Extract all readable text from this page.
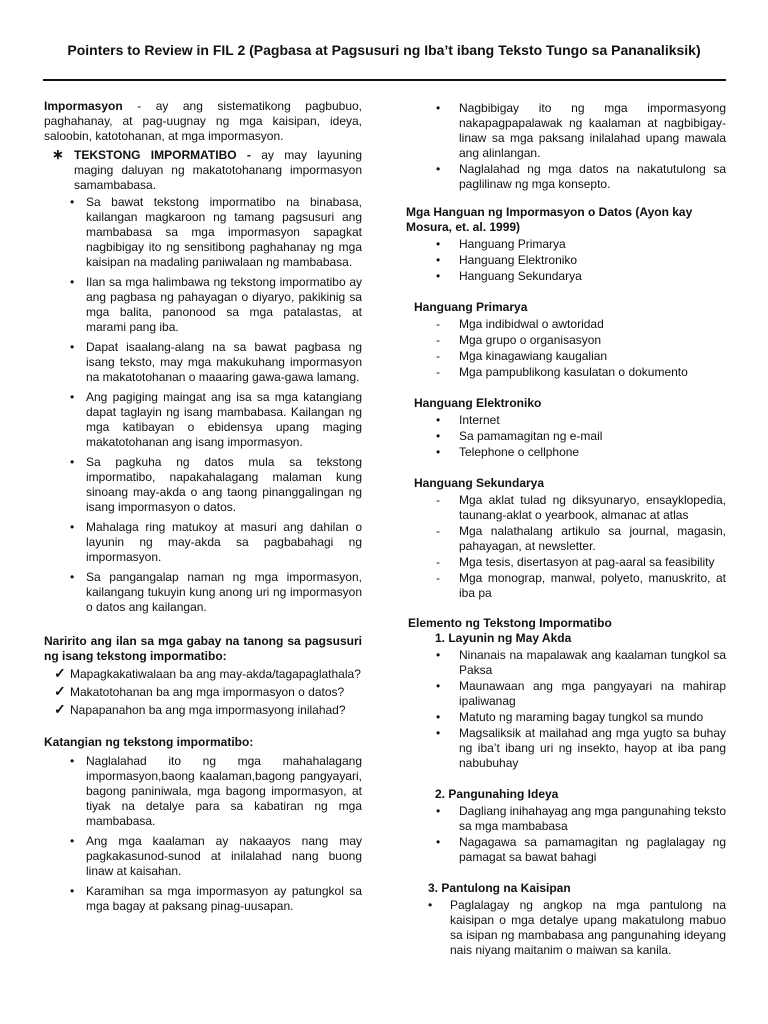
Pointers to Review in FIL 2 (Pagbasa at Pagsusuri ng Iba’t ibang Teksto Tungo sa Pananaliksik)

Impormasyon - ay ang sistematikong pagbubuo, paghahanay, at pag-uugnay ng mga kaisipan, ideya, saloobin, katotohanan, at mga impormasyon.

∗ TEKSTONG IMPORMATIBO - ay may layuning maging daluyan ng makatotohanang impormasyon samambabasa.
• Sa bawat tekstong impormatibo na binabasa, kailangan magkaroon ng tamang pagsusuri ang mambabasa sa mga impormasyon sapagkat nagbibigay ito ng sensitibong paghahanay ng mga kaisipan na madaling paniwalaan ng mambabasa.
• Ilan sa mga halimbawa ng tekstong impormatibo ay ang pagbasa ng pahayagan o diyaryo, pakikinig sa mga balita, panonood sa mga patalastas, at marami pang iba.
• Dapat isaalang-alang na sa bawat pagbasa ng isang teksto, may mga makukuhang impormasyon na makatotohanan o maaaring gawa-gawa lamang.
• Ang pagiging maingat ang isa sa mga katangiang dapat taglayin ng isang mambabasa. Kailangan ng mga katibayan o ebidensya upang maging makatotohanan ang isang impormasyon.
• Sa pagkuha ng datos mula sa tekstong impormatibo, napakahalagang malaman kung sinoang may-akda o ang taong pinanggalingan ng isang impormasyon o datos.
• Mahalaga ring matukoy at masuri ang dahilan o layunin ng may-akda sa pagbabahagi ng impormasyon.
• Sa pangangalap naman ng mga impormasyon, kailangang tukuyin kung anong uri ng impormasyon o datos ang kailangan.

Naririto ang ilan sa mga gabay na tanong sa pagsusuri ng isang tekstong impormatibo:

✓ Mapagkakatiwalaan ba ang may-akda/tagapaglathala?
✓ Makatotohanan ba ang mga impormasyon o datos?
✓ Napapanahon ba ang mga impormasyong inilahad?

Katangian ng tekstong impormatibo:

• Naglalahad ito ng mga mahahalagang impormasyon,baong kaalaman,bagong pangyayari, bagong paniniwala, mga bagong impormasyon, at tiyak na detalye para sa kabatiran ng mga mambabasa.
• Ang mga kaalaman ay nakaayos nang may pagkakasunod-sunod at inilalahad nang buong linaw at kaisahan.
• Karamihan sa mga impormasyon ay patungkol sa mga bagay at paksang pinag-uusapan.
• Nagbibigay ito ng mga impormasyong nakapagpapalawak ng kaalaman at nagbibigay-linaw sa mga paksang inilalahad upang mawala ang alinlangan.
• Naglalahad ng mga datos na nakatutulong sa paglilinaw ng mga konsepto.

Mga Hanguan ng Impormasyon o Datos (Ayon kay Mosura, et. al. 1999)

• Hanguang Primarya
• Hanguang Elektroniko
• Hanguang Sekundarya

Hanguang Primarya

- Mga indibidwal o awtoridad
- Mga grupo o organisasyon
- Mga kinagawiang kaugalian
- Mga pampublikong kasulatan o dokumento

Hanguang Elektroniko

• Internet
• Sa pamamagitan ng e-mail
• Telephone o cellphone

Hanguang Sekundarya

- Mga aklat tulad ng diksyunaryo, ensayklopedia, taunang-aklat o yearbook, almanac at atlas
- Mga nalathalang artikulo sa journal, magasin, pahayagan, at newsletter.
- Mga tesis, disertasyon at pag-aaral sa feasibility
- Mga monograp, manwal, polyeto, manuskrito, at iba pa

Elemento ng Tekstong Impormatibo

1. Layunin ng May Akda

• Ninanais na mapalawak ang kaalaman tungkol sa Paksa
• Maunawaan ang mga pangyayari na mahirap ipaliwanag
• Matuto ng maraming bagay tungkol sa mundo
• Magsaliksik at mailahad ang mga yugto sa buhay ng iba’t ibang uri ng insekto, hayop at iba pang nabubuhay

2. Pangunahing Ideya

• Dagliang inihahayag ang mga pangunahing teksto sa mga mambabasa
• Nagagawa sa pamamagitan ng paglalagay ng pamagat sa bawat bahagi

3. Pantulong na Kaisipan

• Paglalagay ng angkop na mga pantulong na kaisipan o mga detalye upang makatulong mabuo sa isipan ng mambabasa ang pangunahing ideyang nais niyang maitanim o maiwan sa kanila.
